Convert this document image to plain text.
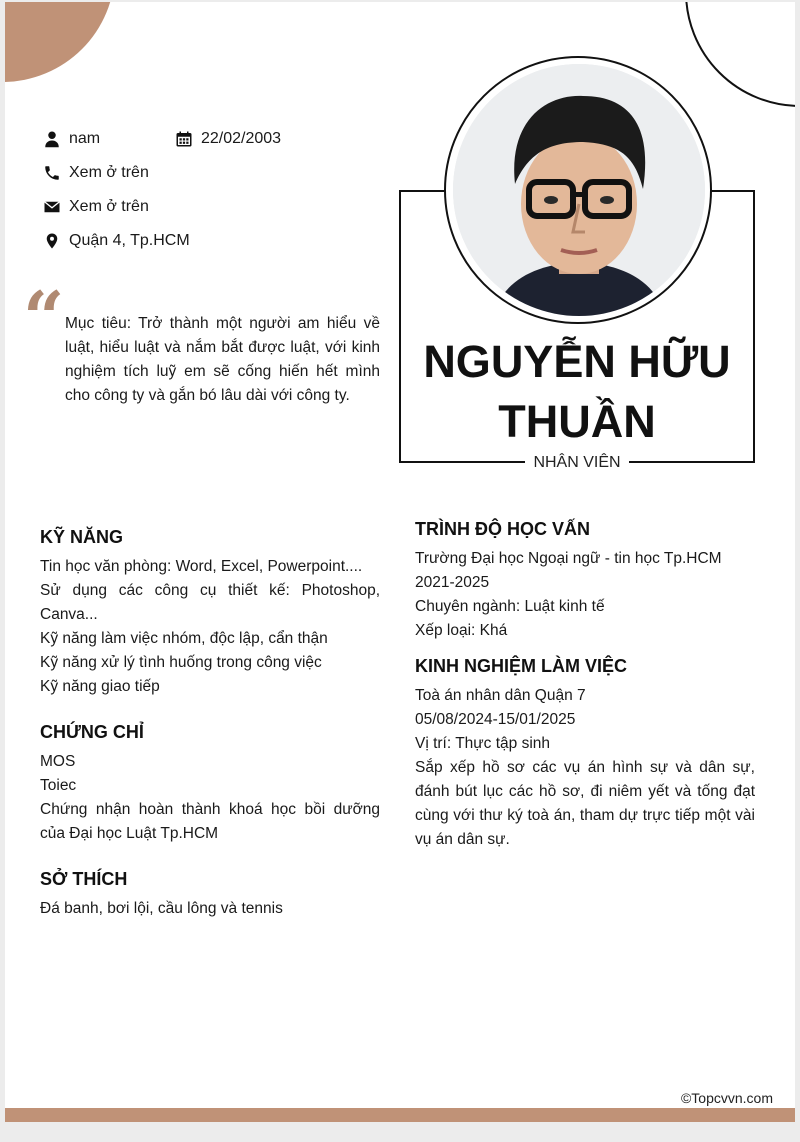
nam	22/02/2003
Xem ở trên
Xem ở trên
Quận 4, Tp.HCM
“ Mục tiêu: Trở thành một người am hiểu về luật, hiểu luật và nắm bắt được luật, với kinh nghiệm tích luỹ em sẽ cống hiến hết mình cho công ty và gắn bó lâu dài với công ty.
NGUYỄN HỮU THUẦN
NHÂN VIÊN
KỸ NĂNG
Tin học văn phòng: Word, Excel, Powerpoint....
Sử dụng các công cụ thiết kế: Photoshop, Canva...
Kỹ năng làm việc nhóm, độc lập, cẩn thận
Kỹ năng xử lý tình huống trong công việc
Kỹ năng giao tiếp
CHỨNG CHỈ
MOS
Toiec
Chứng nhận hoàn thành khoá học bồi dưỡng của Đại học Luật Tp.HCM
SỞ THÍCH
Đá banh, bơi lội, cầu lông và tennis
TRÌNH ĐỘ HỌC VẤN
Trường Đại học Ngoại ngữ - tin học Tp.HCM
2021-2025
Chuyên ngành: Luật kinh tế
Xếp loại: Khá
KINH NGHIỆM LÀM VIỆC
Toà án nhân dân Quận 7
05/08/2024-15/01/2025
Vị trí: Thực tập sinh
Sắp xếp hồ sơ các vụ án hình sự và dân sự, đánh bút lục các hồ sơ, đi niêm yết và tống đạt cùng với thư ký toà án, tham dự trực tiếp một vài vụ án dân sự.
©Topcvvn.com
